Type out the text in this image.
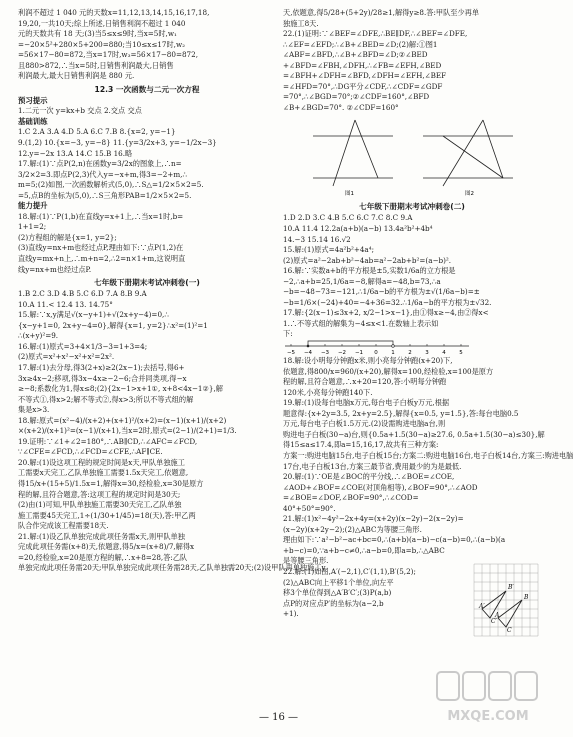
利润不超过 1 040 元的天数x=11,12,13,14,15,16,17,18,
19,20,一共10天;综上所述,日销售利润不超过 1 040
元的天数共有 18 天;(3)当5≤x≤9时,当x=5时,w₁
=−20×5²+280×5+200=880;当10≤x≤17时,w₂
=56×17−80=872,当x=17时,w₃=56×17−80=872,
且880>872,∴当x=5时,日销售利润最大,日销售
利润最大,最大日销售利润是 880 元.
12.3 一次函数与二元一次方程
预习提示
1.二元一次 y=kx+b 交点 2.交点 交点
基础训练
1.C 2.A 3.A 4.D 5.A 6.C 7.B 8.{x=2, y=−1}
9.(1,2) 10.{x=−3, y=−8} 11.{y=3/2x+3, y=−1/2x−3}
12.y=−2x 13.A 14.C 15.B 16.略
17.解:(1)∵点P(2,n)在函数y=3/2x的图象上,∴n=
3/2×2=3.即点P(2,3)代入y=−x+m,得3=−2+m,∴
m=5;(2)如图,一次函数解析式(5,0),∴S△=1/2×5×2=5.
=5,点B的坐标为(5,0),∴S三角形PAB=1/2×5×2=5.
能力提升
18.解:(1)∵P(1,b)在直线y=x+1上,∴当x=1时,b=
1+1=2;
(2)方程组的解是{x=1, y=2};
(3)直线y=nx+m也经过点P,理由如下:∵点P(1,2)在
直线y=mx+n上,∴m+n=2,∴2=n×1+m,这说明直
线y=nx+m也经过点P.
七年级下册期末考试冲刺卷(一)
1.B 2.C 3.D 4.B 5.C 6.D 7.A 8.B 9.A
10.A 11.< 12.4 13. 14.75°
15.解:∵x,y满足√(x−y+1)+√(2x+y−4)=0,∴
{x−y+1=0, 2x+y−4=0},解得{x=1, y=2}∴x²=(1)²=1
∴(x+y)²=9.
16.解:(1)原式=3+4×1/3−3=1+3=4;
(2)原式=x²+x²−x²+x²=2x².
17.解:(1)去分母,得3(2+x)≥2(2x−1);去括号,得6+
3x≥4x−2;移项,得3x−4x≥−2−6;合并同类项,得−x
≥−8;系数化为1,得x≤8;(2){2x−1>x+1①, x+8<4x−1②},解
不等式①,得x>2;解不等式②,得x>3;所以不等式组的解
集是x>3.
18.解:原式=(x²−4)/(x+2)+(x+1)²/(x+2)=(x−1)(x+1)/(x+2)
×(x+2)/(x+1)²=(x−1)/(x+1),当x=2时,原式=(2−1)/(2+1)=1/3.
19.证明:∵∠1+∠2=180°,∴AB∥CD,∴∠AFC=∠FCD,
∵∠CFE=∠FCD,∴∠FCD=∠CFE,∴AF∥CE.
20.解:(1)设这项工程的规定时间是x天,甲队单独施工
工需要x天完工,乙队单独施工需要1.5x天完工,依题意,
得15/x+(15+5)/1.5x=1,解得x=30,经检验,x=30是原方
程的解,且符合题意,答:这项工程的规定时间是30天;
(2)由(1)可知,甲队单独施工需要30天完工,乙队单独
施工需要45天完工,1÷(1/30+1/45)=18(天),答:甲乙两
队合作完成该工程需要18天.
21.解:(1)设乙队单独完成此项任务需x天,则甲队单独
完成此项任务需(x+8)天,依题意,得5/x=(x+8)/7,解得x
=20,经检验,x=20是原方程的解,∴x+8=28,答:乙队
单独完成此项任务需20天;甲队单独完成此项任务需28天,乙队单独需20天;(2)设甲队再单独施工y
天,依题意,得5/28+(5+2y)/28≥1,解得y≥8.答:甲队至少再单
独施工8天.
22.(1)证明:∵∠BEF=∠DFE,∴BE∥DF,∴∠BEF=∠DFE,
∴∠EF=∠EFD;∴∠B+∠BED=∠D;(2)解:①图1
∠ABF=∠BFD,∴∠B+∠BFD=∠D;②∠BED
+∠BFD=∠FBH,∠DFH,∴∠FB=∠EFH,∠BED
=∠BFH+∠DFH=∠BFD,∠DFH=∠EFH,∠BEF
=∠HFD=70°,∴DG平分∠CDF,∴∠CDF=∠GDF
=70°,∴∠BGD=70°;②∠CDF=160°,∠BFD
∠B+∠BGD=70°. ②∠CDF=160°
图1	图2
七年级下册期末考试冲刺卷(二)
1.D 2.D 3.C 4.B 5.C 6.C 7.C 8.C 9.A
10.A 11.4 12.2a(a+b)(a−b) 13.4a²b²+4b⁴
14.−3 15.14 16.√2
15.解:(1)原式=4a²b²+4a⁴;
(2)原式=a²−2ab+b²−4ab=a²−2ab+b²=(a−b)².
16.解:∵实数a+b的平方根是±5,实数1/6a的立方根是
−2,∴a+b=25,1/6a=−8,解得a=−48,b=73,∴a
−b=−48−73=−121,∴1/6a−b的平方根为±√(1/6a−b)=±
−b=1/6×(−24)+40=−4+36=32.∴1/6a−b的平方根为±√32.
17.解:{2(x−1)≤3x+2, x/2−1>x−1},由①得x≥−4,由②得x<
1.∴不等式组的解集为−4≤x<1.在数轴上表示如
下:
−5 −4 −3 −2 −1 0 1 2 3 4 5
18.解:设小明每分钟跑x米,则小亮每分钟跑(x+20)下,
依题意,得800/x=960/(x+20),解得x=100,经检验,x=100是原方
程的解,且符合题意,∴x+20=120,答:小明每分钟跑
120米,小亮每分钟跑140下.
19.解:(1)设每台电脑x万元,每台电子白板y万元,根据
题意得:{x+2y=3.5, 2x+y=2.5},解得{x=0.5, y=1.5},答:每台电脑0.5
万元,每台电子白板1.5万元.(2)设需购进电脑a台,则
购进电子白板(30−a)台,则{0.5a+1.5(30−a)≥27.6, 0.5a+1.5(30−a)≤30},解
得15≤a≤17.4,即a=15,16,17,故共有三种方案:
方案一:购进电脑15台,电子白板15台;方案二:购进电脑16台,电子白板14台,方案三:购进电脑
17台,电子白板13台,方案三最节省,费用最少的为是最低.
20.解:(1)∵OE是∠BOC的平分线,∴∠BOE=∠COE,
∠AOD+∠BOF=∠COE(对顶角相等),∠BOF=90°,∴∠AOD
=∠BOE=∠DOF,∠BOF=90°,∴∠COD=
40°+50°=90°.
21.解:(1)x²−4y²−2x+4y=(x+2y)(x−2y)−2(x−2y)=
(x−2y)(x+2y−2);(2)△ABC为等腰三角形.
理由如下:∵a²−b²−ac+bc=0,∴(a+b)(a−b)−c(a−b)=0,∴(a−b)(a
+b−c)=0,∵a+b−c≠0,∴a−b=0,即a=b,∴△ABC
是等腰三角形.
22.解:(1)如图,A′(−2,1),C′(1,1),B′(5,2);
(2)△ABC向上平移1个单位,向左平
移3个单位得到△A′B′C′;(3)P(a,b)
点P的对应点P′的坐标为(a−2,b
+1).	A
B
C
C′
A′
B′
— 16 —	MXQE.COM
